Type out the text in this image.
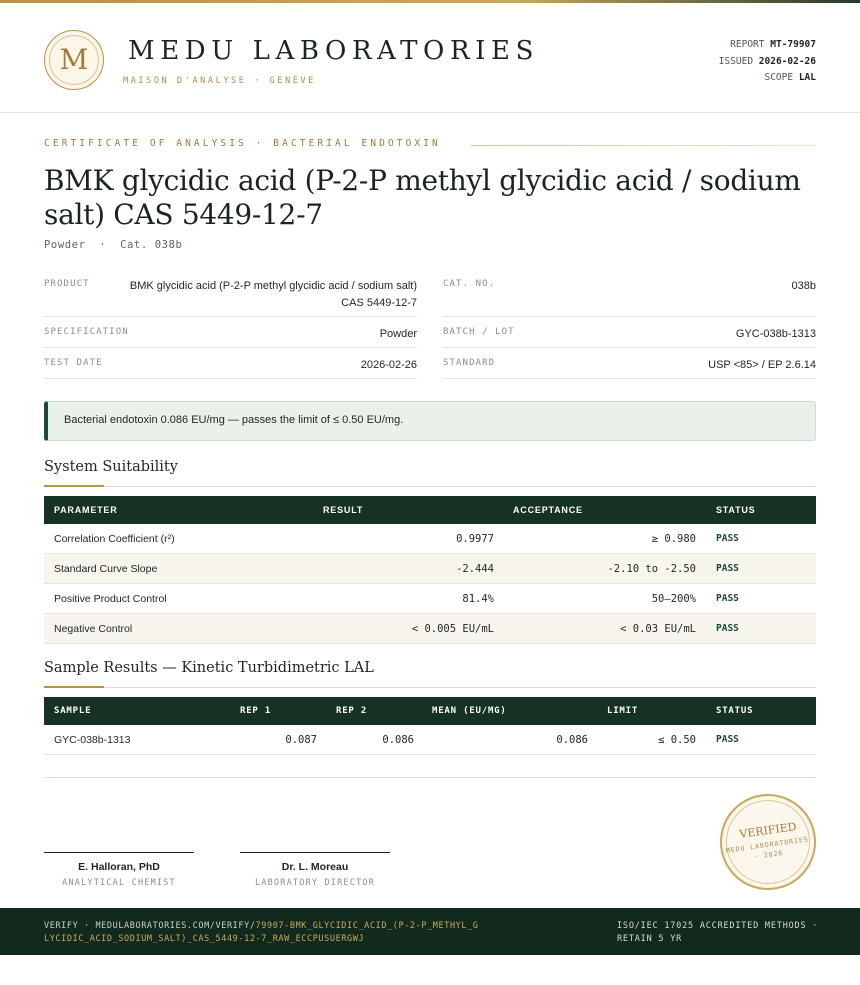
M	MEDU LABORATORIES
MAISON D'ANALYSE · GENÈVE
REPORT MT-79907
ISSUED 2026-02-26
SCOPE LAL
CERTIFICATE OF ANALYSIS · BACTERIAL ENDOTOXIN
BMK glycidic acid (P-2-P methyl glycidic acid / sodium salt) CAS 5449-12-7
Powder  ·  Cat. 038b
PRODUCT	BMK glycidic acid (P-2-P methyl glycidic acid / sodium salt) CAS 5449-12-7
SPECIFICATION	Powder
TEST DATE	2026-02-26
CAT. NO.	038b
BATCH / LOT	GYC-038b-1313
STANDARD	USP <85> / EP 2.6.14
Bacterial endotoxin 0.086 EU/mg — passes the limit of ≤ 0.50 EU/mg.
System Suitability
PARAMETER	RESULT	ACCEPTANCE	STATUS
Correlation Coefficient (r²)	0.9977	≥ 0.980 PASS
Standard Curve Slope	-2.444	-2.10 to -2.50 PASS
Positive Product Control	81.4%	50–200% PASS
Negative Control	< 0.005 EU/mL	< 0.03 EU/mL PASS
Sample Results — Kinetic Turbidimetric LAL
SAMPLE	REP 1	REP 2	MEAN (EU/MG)	LIMIT	STATUS
GYC-038b-1313	0.087	0.086	0.086	≤ 0.50 PASS
E. Halloran, PhD
ANALYTICAL CHEMIST
Dr. L. Moreau
LABORATORY DIRECTOR
VERIFIED
MEDU LABORATORIES · 2026
VERIFY · MEDULABORATORIES.COM/VERIFY/79907-BMK_GLYCIDIC_ACID_(P-2-P_METHYL_GLYCIDIC_ACID_SODIUM_SALT)_CAS_5449-12-7_RAW_ECCPUSUERGWJ
ISO/IEC 17025 ACCREDITED METHODS · RETAIN 5 YR
